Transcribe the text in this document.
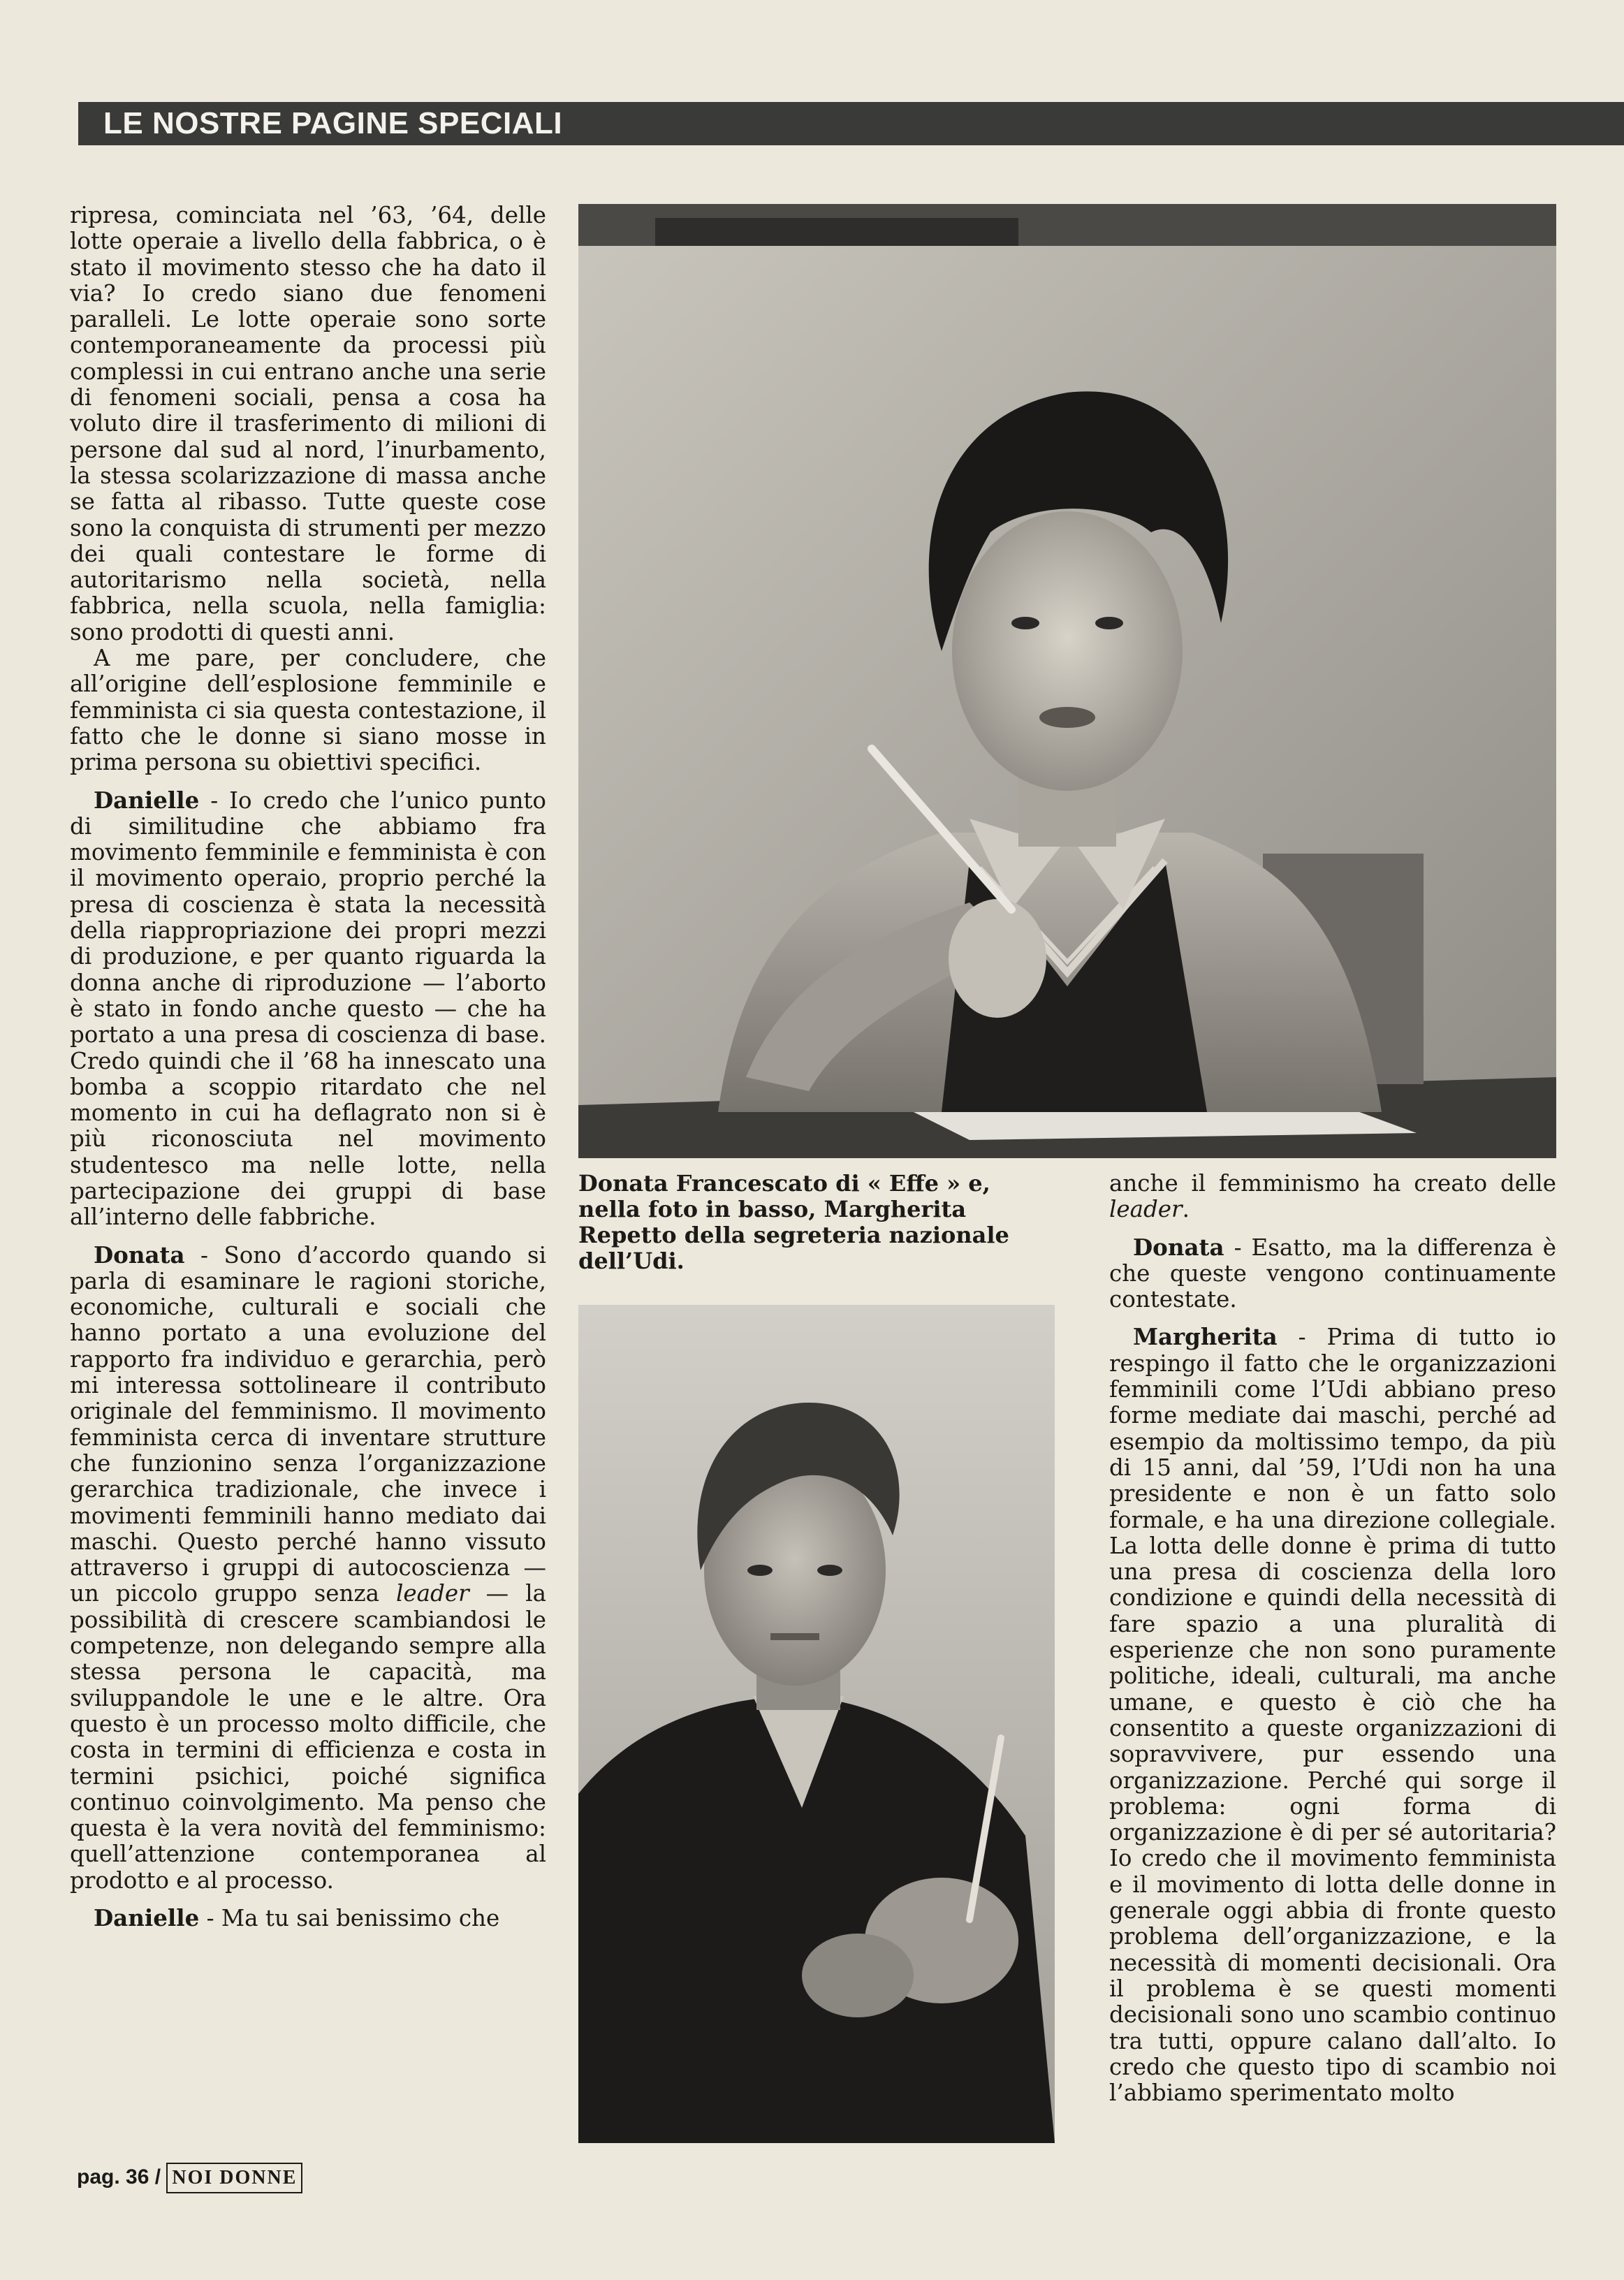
LE NOSTRE PAGINE SPECIALI

ripresa, cominciata nel ’63, ’64, delle lotte operaie a livello della fabbrica, o è stato il movimento stesso che ha dato il via? Io credo siano due fenomeni paralleli. Le lotte operaie sono sorte contemporaneamente da processi più complessi in cui entrano anche una serie di fenomeni sociali, pensa a cosa ha voluto dire il trasferimento di milioni di persone dal sud al nord, l’inurbamento, la stessa scolarizzazione di massa anche se fatta al ribasso. Tutte queste cose sono la conquista di strumenti per mezzo dei quali contestare le forme di autoritarismo nella società, nella fabbrica, nella scuola, nella famiglia: sono prodotti di questi anni.

A me pare, per concludere, che all’origine dell’esplosione femminile e femminista ci sia questa contestazione, il fatto che le donne si siano mosse in prima persona su obiettivi specifici.

Danielle - Io credo che l’unico punto di similitudine che abbiamo fra movimento femminile e femminista è con il movimento operaio, proprio perché la presa di coscienza è stata la necessità della riappropriazione dei propri mezzi di produzione, e per quanto riguarda la donna anche di riproduzione — l’aborto è stato in fondo anche questo — che ha portato a una presa di coscienza di base. Credo quindi che il ’68 ha innescato una bomba a scoppio ritardato che nel momento in cui ha deflagrato non si è più riconosciuta nel movimento studentesco ma nelle lotte, nella partecipazione dei gruppi di base all’interno delle fabbriche.

Donata - Sono d’accordo quando si parla di esaminare le ragioni storiche, economiche, culturali e sociali che hanno portato a una evoluzione del rapporto fra individuo e gerarchia, però mi interessa sottolineare il contributo originale del femminismo. Il movimento femminista cerca di inventare strutture che funzionino senza l’organizzazione gerarchica tradizionale, che invece i movimenti femminili hanno mediato dai maschi. Questo perché hanno vissuto attraverso i gruppi di autocoscienza — un piccolo gruppo senza leader — la possibilità di crescere scambiandosi le competenze, non delegando sempre alla stessa persona le capacità, ma sviluppandole le une e le altre. Ora questo è un processo molto difficile, che costa in termini di efficienza e costa in termini psichici, poiché significa continuo coinvolgimento. Ma penso che questa è la vera novità del femminismo: quell’attenzione contemporanea al prodotto e al processo.

Danielle - Ma tu sai benissimo che

Donata Francescato di « Effe » e, nella foto in basso, Margherita Repetto della segreteria nazionale dell’Udi.

anche il femminismo ha creato delle leader.

Donata - Esatto, ma la differenza è che queste vengono continuamente contestate.

Margherita - Prima di tutto io respingo il fatto che le organizzazioni femminili come l’Udi abbiano preso forme mediate dai maschi, perché ad esempio da moltissimo tempo, da più di 15 anni, dal ’59, l’Udi non ha una presidente e non è un fatto solo formale, e ha una direzione collegiale. La lotta delle donne è prima di tutto una presa di coscienza della loro condizione e quindi della necessità di fare spazio a una pluralità di esperienze che non sono puramente politiche, ideali, culturali, ma anche umane, e questo è ciò che ha consentito a queste organizzazioni di sopravvivere, pur essendo una organizzazione. Perché qui sorge il problema: ogni forma di organizzazione è di per sé autoritaria? Io credo che il movimento femminista e il movimento di lotta delle donne in generale oggi abbia di fronte questo problema dell’organizzazione, e la necessità di momenti decisionali. Ora il problema è se questi momenti decisionali sono uno scambio continuo tra tutti, oppure calano dall’alto. Io credo che questo tipo di scambio noi l’abbiamo sperimentato molto

pag. 36 / NOI DONNE
